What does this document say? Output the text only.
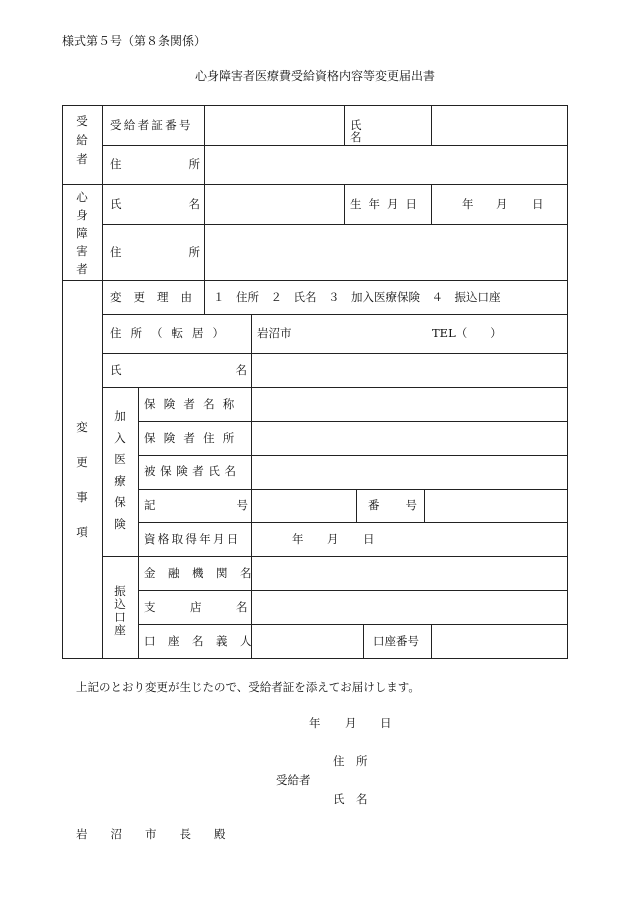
様式第５号（第８条関係）
心身障害者医療費受給資格内容等変更届出書
受給者
受給者証番号	氏名
住所
心身障害者
氏名	生年月日	年 月 日
住所
変更事項
変更理由 １　住所　２　氏名　３　加入医療保険　４　振込口座
住所（転居） 岩沼市	TEL（　　）
氏名
加入医療保険
保険者名称
保険者住所
被保険者氏名
記号	番号
資格取得年月日	年 月 日
振込口座
金融機関名
支店名
口座名義人	口座番号
上記のとおり変更が生じたので、受給者証を添えてお届けします。
年 月 日
住　所
受給者
氏　名
岩　　沼　　市　　長　　殿
